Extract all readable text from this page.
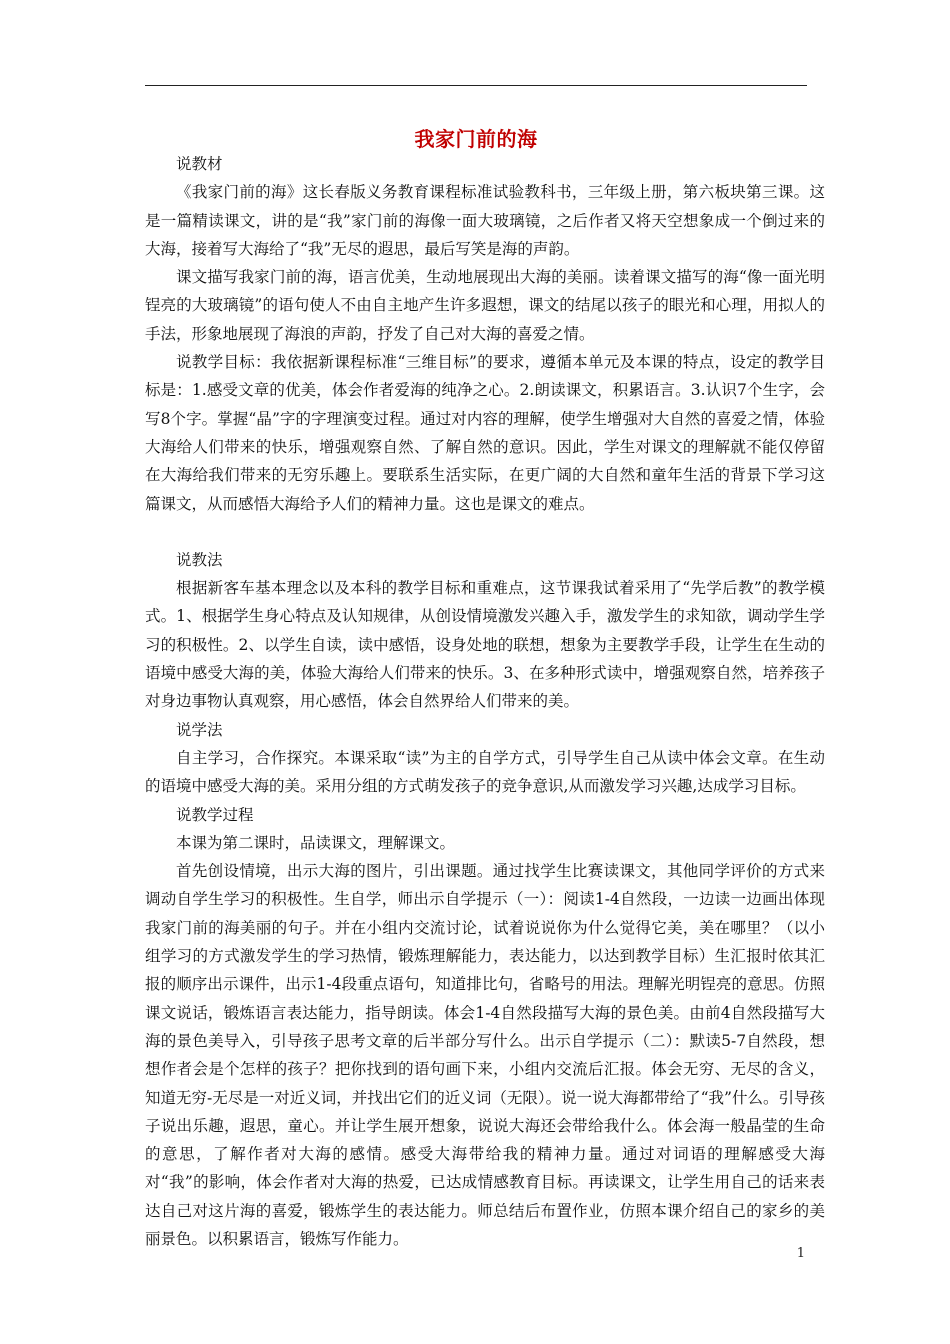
我家门前的海

说教材

《我家门前的海》这长春版义务教育课程标准试验教科书，三年级上册，第六板块第三课。这是一篇精读课文，讲的是“我”家门前的海像一面大玻璃镜，之后作者又将天空想象成一个倒过来的大海，接着写大海给了“我”无尽的遐思，最后写笑是海的声韵。

课文描写我家门前的海，语言优美，生动地展现出大海的美丽。读着课文描写的海“像一面光明锃亮的大玻璃镜”的语句使人不由自主地产生许多遐想，课文的结尾以孩子的眼光和心理，用拟人的手法，形象地展现了海浪的声韵，抒发了自己对大海的喜爱之情。

说教学目标：我依据新课程标准“三维目标”的要求，遵循本单元及本课的特点，设定的教学目标是：1.感受文章的优美，体会作者爱海的纯净之心。2.朗读课文，积累语言。3.认识7个生字，会写8个字。掌握“晶”字的字理演变过程。通过对内容的理解，使学生增强对大自然的喜爱之情，体验大海给人们带来的快乐，增强观察自然、了解自然的意识。因此，学生对课文的理解就不能仅停留在大海给我们带来的无穷乐趣上。要联系生活实际，在更广阔的大自然和童年生活的背景下学习这篇课文，从而感悟大海给予人们的精神力量。这也是课文的难点。

说教法

根据新客车基本理念以及本科的教学目标和重难点，这节课我试着采用了“先学后教”的教学模式。1、根据学生身心特点及认知规律，从创设情境激发兴趣入手，激发学生的求知欲，调动学生学习的积极性。2、以学生自读，读中感悟，设身处地的联想，想象为主要教学手段，让学生在生动的语境中感受大海的美，体验大海给人们带来的快乐。3、在多种形式读中，增强观察自然，培养孩子对身边事物认真观察，用心感悟，体会自然界给人们带来的美。

说学法

自主学习，合作探究。本课采取“读”为主的自学方式，引导学生自己从读中体会文章。在生动的语境中感受大海的美。采用分组的方式萌发孩子的竞争意识,从而激发学习兴趣,达成学习目标。

说教学过程

本课为第二课时，品读课文，理解课文。

首先创设情境，出示大海的图片，引出课题。通过找学生比赛读课文，其他同学评价的方式来调动自学生学习的积极性。生自学，师出示自学提示（一）：阅读1-4自然段，一边读一边画出体现我家门前的海美丽的句子。并在小组内交流讨论，试着说说你为什么觉得它美，美在哪里？（以小组学习的方式激发学生的学习热情，锻炼理解能力，表达能力，以达到教学目标）生汇报时依其汇报的顺序出示课件，出示1-4段重点语句，知道排比句，省略号的用法。理解光明锃亮的意思。仿照课文说话，锻炼语言表达能力，指导朗读。体会1-4自然段描写大海的景色美。由前4自然段描写大海的景色美导入，引导孩子思考文章的后半部分写什么。出示自学提示（二）：默读5-7自然段，想想作者会是个怎样的孩子？把你找到的语句画下来，小组内交流后汇报。体会无穷、无尽的含义，知道无穷-无尽是一对近义词，并找出它们的近义词（无限）。说一说大海都带给了“我”什么。引导孩子说出乐趣，遐思，童心。并让学生展开想象，说说大海还会带给我什么。体会海一般晶莹的生命的意思，了解作者对大海的感情。感受大海带给我的精神力量。通过对词语的理解感受大海对“我”的影响，体会作者对大海的热爱，已达成情感教育目标。再读课文，让学生用自己的话来表达自己对这片海的喜爱，锻炼学生的表达能力。师总结后布置作业，仿照本课介绍自己的家乡的美丽景色。以积累语言，锻炼写作能力。

1
